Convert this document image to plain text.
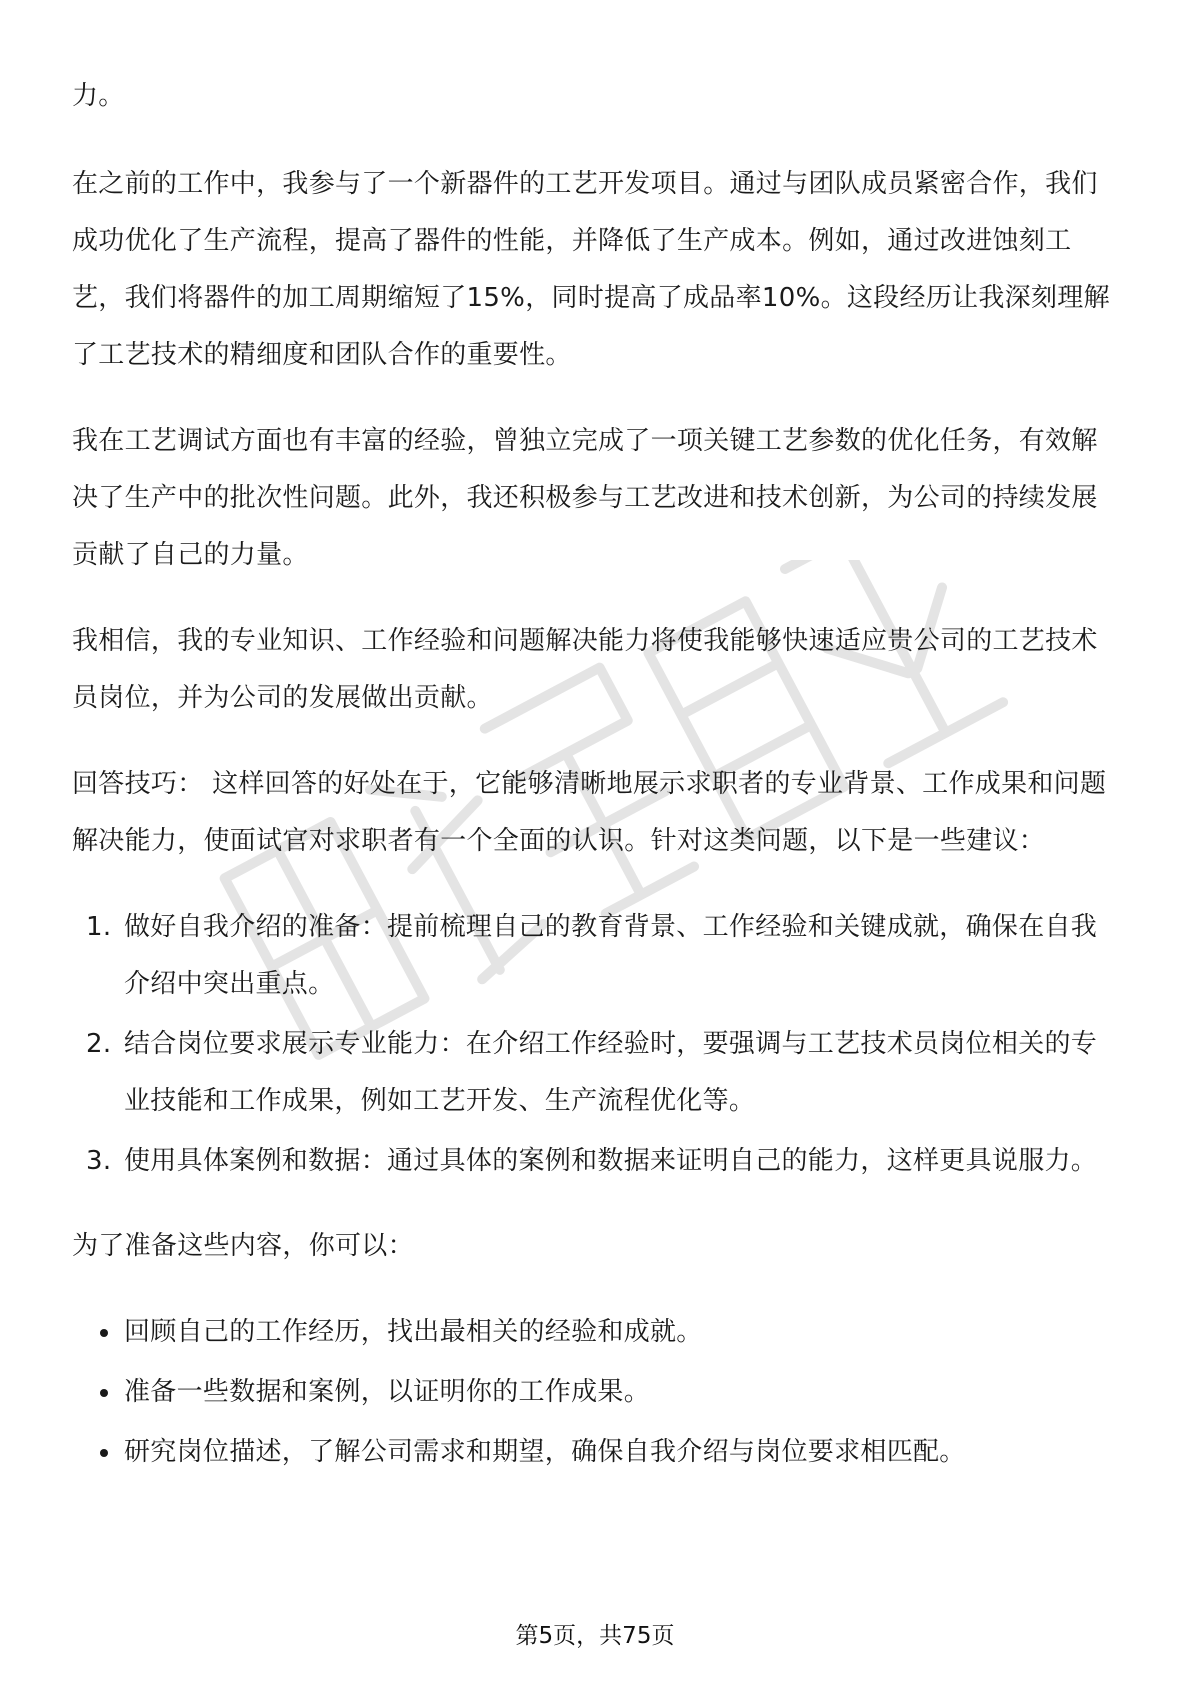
力。

在之前的工作中，我参与了一个新器件的工艺开发项目。通过与团队成员紧密合作，我们成功优化了生产流程，提高了器件的性能，并降低了生产成本。例如，通过改进蚀刻工艺，我们将器件的加工周期缩短了15%，同时提高了成品率10%。这段经历让我深刻理解了工艺技术的精细度和团队合作的重要性。

我在工艺调试方面也有丰富的经验，曾独立完成了一项关键工艺参数的优化任务，有效解决了生产中的批次性问题。此外，我还积极参与工艺改进和技术创新，为公司的持续发展贡献了自己的力量。

我相信，我的专业知识、工作经验和问题解决能力将使我能够快速适应贵公司的工艺技术员岗位，并为公司的发展做出贡献。

回答技巧： 这样回答的好处在于，它能够清晰地展示求职者的专业背景、工作成果和问题解决能力，使面试官对求职者有一个全面的认识。针对这类问题，以下是一些建议：

1. 做好自我介绍的准备：提前梳理自己的教育背景、工作经验和关键成就，确保在自我介绍中突出重点。
2. 结合岗位要求展示专业能力：在介绍工作经验时，要强调与工艺技术员岗位相关的专业技能和工作成果，例如工艺开发、生产流程优化等。
3. 使用具体案例和数据：通过具体的案例和数据来证明自己的能力，这样更具说服力。

为了准备这些内容，你可以：

回顾自己的工作经历，找出最相关的经验和成就。
准备一些数据和案例，以证明你的工作成果。
研究岗位描述，了解公司需求和期望，确保自我介绍与岗位要求相匹配。
第5页，共75页
